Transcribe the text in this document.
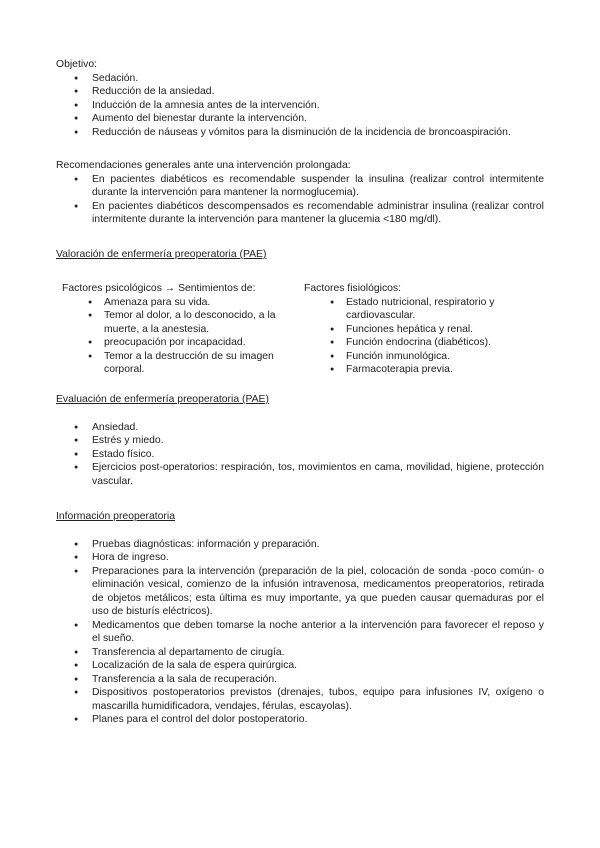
Objetivo:

● Sedación.
● Reducción de la ansiedad.
● Inducción de la amnesia antes de la intervención.
● Aumento del bienestar durante la intervención.
● Reducción de náuseas y vómitos para la disminución de la incidencia de broncoaspiración.

Recomendaciones generales ante una intervención prolongada:

● En pacientes diabéticos es recomendable suspender la insulina (realizar control intermitente durante la intervención para mantener la normoglucemia).
● En pacientes diabéticos descompensados es recomendable administrar insulina (realizar control intermitente durante la intervención para mantener la glucemia <180 mg/dl).

Valoración de enfermería preoperatoria (PAE)

Factores psicológicos → Sentimientos de:

● Amenaza para su vida.
● Temor al dolor, a lo desconocido, a la muerte, a la anestesia.
● preocupación por incapacidad.
● Temor a la destrucción de su imagen corporal.

Factores fisiológicos:

● Estado nutricional, respiratorio y cardiovascular.
● Funciones hepática y renal.
● Función endocrina (diabéticos).
● Función inmunológica.
● Farmacoterapia previa.

Evaluación de enfermería preoperatoria (PAE)

● Ansiedad.
● Estrés y miedo.
● Estado físico.
● Ejercicios post-operatorios: respiración, tos, movimientos en cama, movilidad, higiene, protección vascular.

Información preoperatoria

● Pruebas diagnósticas: información y preparación.
● Hora de ingreso.
● Preparaciones para la intervención (preparación de la piel, colocación de sonda -poco común- o eliminación vesical, comienzo de la infusión intravenosa, medicamentos preoperatorios, retirada de objetos metálicos; esta última es muy importante, ya que pueden causar quemaduras por el uso de bisturís eléctricos).
● Medicamentos que deben tomarse la noche anterior a la intervención para favorecer el reposo y el sueño.
● Transferencia al departamento de cirugía.
● Localización de la sala de espera quirúrgica.
● Transferencia a la sala de recuperación.
● Dispositivos postoperatorios previstos (drenajes, tubos, equipo para infusiones IV, oxígeno o mascarilla humidificadora, vendajes, férulas, escayolas).
● Planes para el control del dolor postoperatorio.
